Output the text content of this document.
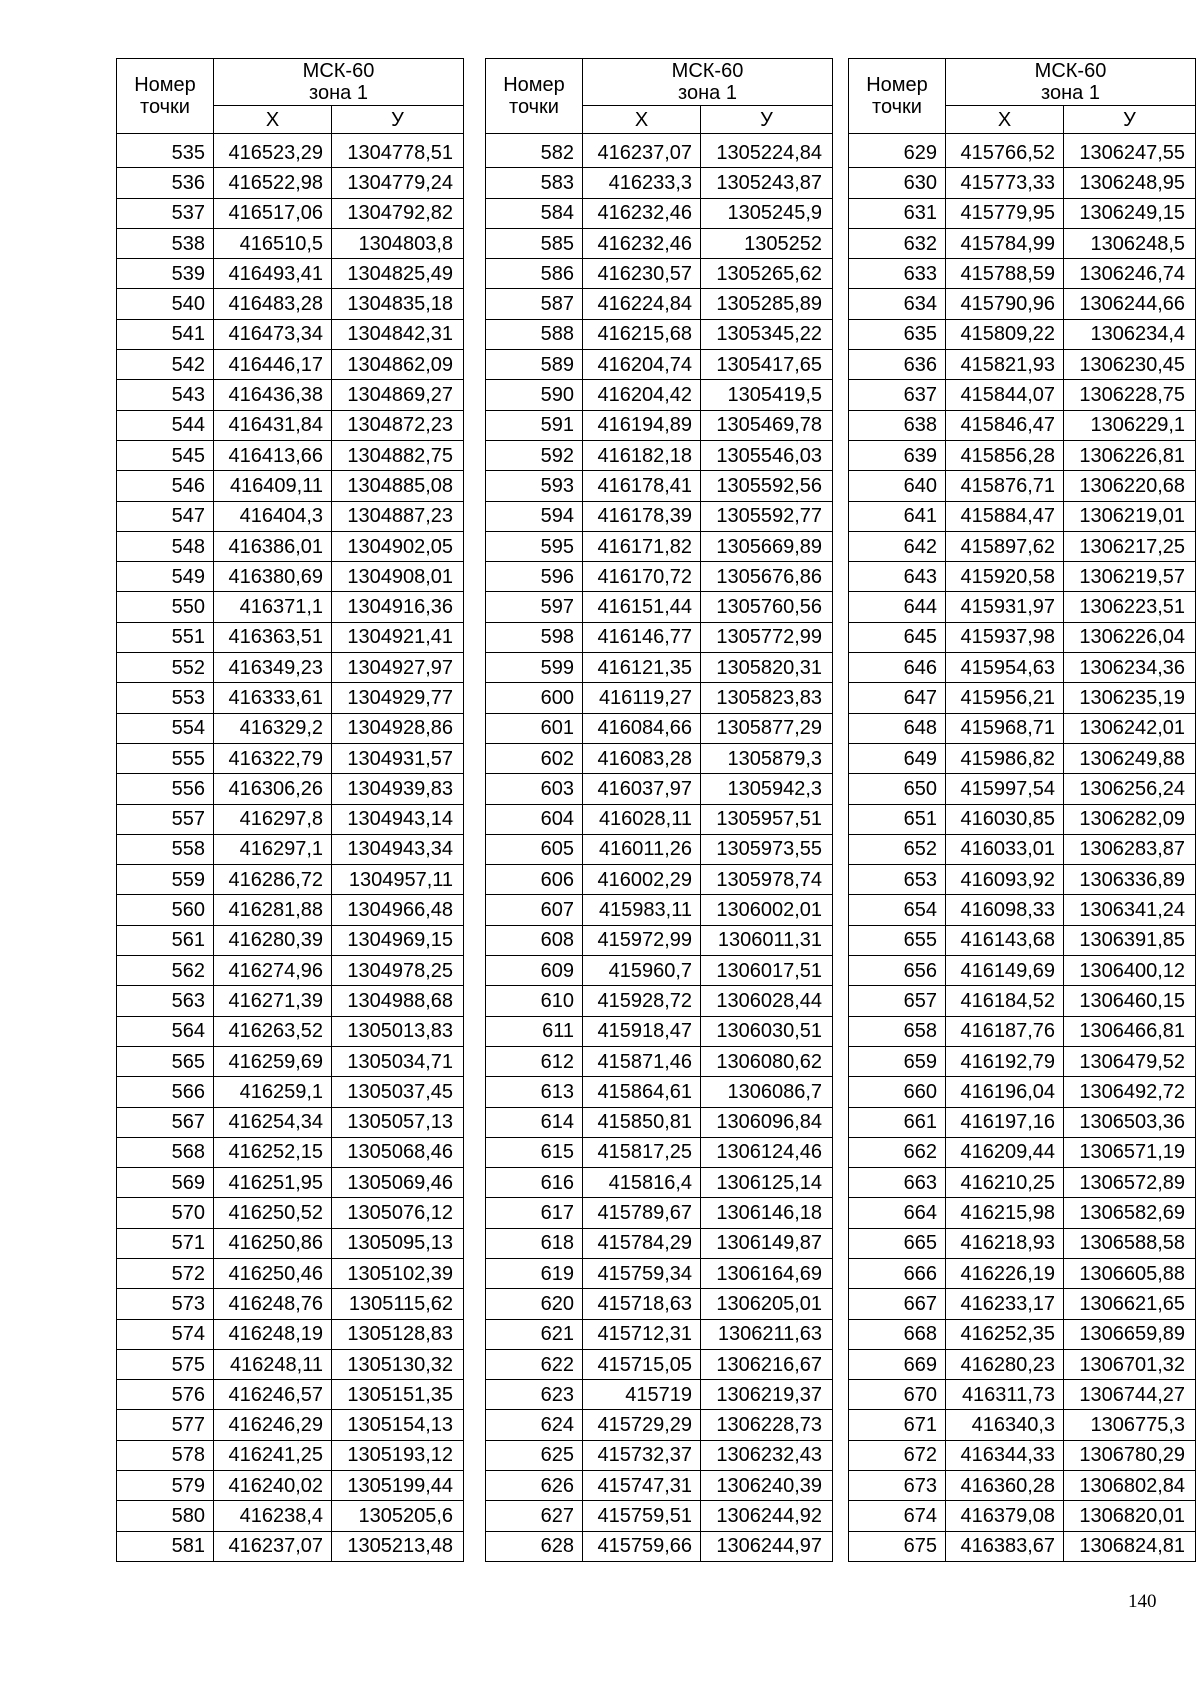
Номер
точки	МСК-60
зона 1	

	Х	У

535	416523,29	1304778,51
536	416522,98	1304779,24
537	416517,06	1304792,82
538	416510,5	1304803,8
539	416493,41	1304825,49
540	416483,28	1304835,18
541	416473,34	1304842,31
542	416446,17	1304862,09
543	416436,38	1304869,27
544	416431,84	1304872,23
545	416413,66	1304882,75
546	416409,11	1304885,08
547	416404,3	1304887,23
548	416386,01	1304902,05
549	416380,69	1304908,01
550	416371,1	1304916,36
551	416363,51	1304921,41
552	416349,23	1304927,97
553	416333,61	1304929,77
554	416329,2	1304928,86
555	416322,79	1304931,57
556	416306,26	1304939,83
557	416297,8	1304943,14
558	416297,1	1304943,34
559	416286,72	1304957,11
560	416281,88	1304966,48
561	416280,39	1304969,15
562	416274,96	1304978,25
563	416271,39	1304988,68
564	416263,52	1305013,83
565	416259,69	1305034,71
566	416259,1	1305037,45
567	416254,34	1305057,13
568	416252,15	1305068,46
569	416251,95	1305069,46
570	416250,52	1305076,12
571	416250,86	1305095,13
572	416250,46	1305102,39
573	416248,76	1305115,62
574	416248,19	1305128,83
575	416248,11	1305130,32
576	416246,57	1305151,35
577	416246,29	1305154,13
578	416241,25	1305193,12
579	416240,02	1305199,44
580	416238,4	1305205,6
581	416237,07	1305213,48
Номер
точки	МСК-60
зона 1	

	Х	У

582	416237,07	1305224,84
583	416233,3	1305243,87
584	416232,46	1305245,9
585	416232,46	1305252
586	416230,57	1305265,62
587	416224,84	1305285,89
588	416215,68	1305345,22
589	416204,74	1305417,65
590	416204,42	1305419,5
591	416194,89	1305469,78
592	416182,18	1305546,03
593	416178,41	1305592,56
594	416178,39	1305592,77
595	416171,82	1305669,89
596	416170,72	1305676,86
597	416151,44	1305760,56
598	416146,77	1305772,99
599	416121,35	1305820,31
600	416119,27	1305823,83
601	416084,66	1305877,29
602	416083,28	1305879,3
603	416037,97	1305942,3
604	416028,11	1305957,51
605	416011,26	1305973,55
606	416002,29	1305978,74
607	415983,11	1306002,01
608	415972,99	1306011,31
609	415960,7	1306017,51
610	415928,72	1306028,44
611	415918,47	1306030,51
612	415871,46	1306080,62
613	415864,61	1306086,7
614	415850,81	1306096,84
615	415817,25	1306124,46
616	415816,4	1306125,14
617	415789,67	1306146,18
618	415784,29	1306149,87
619	415759,34	1306164,69
620	415718,63	1306205,01
621	415712,31	1306211,63
622	415715,05	1306216,67
623	415719	1306219,37
624	415729,29	1306228,73
625	415732,37	1306232,43
626	415747,31	1306240,39
627	415759,51	1306244,92
628	415759,66	1306244,97
Номер
точки	МСК-60
зона 1	

	Х	У

629	415766,52	1306247,55
630	415773,33	1306248,95
631	415779,95	1306249,15
632	415784,99	1306248,5
633	415788,59	1306246,74
634	415790,96	1306244,66
635	415809,22	1306234,4
636	415821,93	1306230,45
637	415844,07	1306228,75
638	415846,47	1306229,1
639	415856,28	1306226,81
640	415876,71	1306220,68
641	415884,47	1306219,01
642	415897,62	1306217,25
643	415920,58	1306219,57
644	415931,97	1306223,51
645	415937,98	1306226,04
646	415954,63	1306234,36
647	415956,21	1306235,19
648	415968,71	1306242,01
649	415986,82	1306249,88
650	415997,54	1306256,24
651	416030,85	1306282,09
652	416033,01	1306283,87
653	416093,92	1306336,89
654	416098,33	1306341,24
655	416143,68	1306391,85
656	416149,69	1306400,12
657	416184,52	1306460,15
658	416187,76	1306466,81
659	416192,79	1306479,52
660	416196,04	1306492,72
661	416197,16	1306503,36
662	416209,44	1306571,19
663	416210,25	1306572,89
664	416215,98	1306582,69
665	416218,93	1306588,58
666	416226,19	1306605,88
667	416233,17	1306621,65
668	416252,35	1306659,89
669	416280,23	1306701,32
670	416311,73	1306744,27
671	416340,3	1306775,3
672	416344,33	1306780,29
673	416360,28	1306802,84
674	416379,08	1306820,01
675	416383,67	1306824,81
140
